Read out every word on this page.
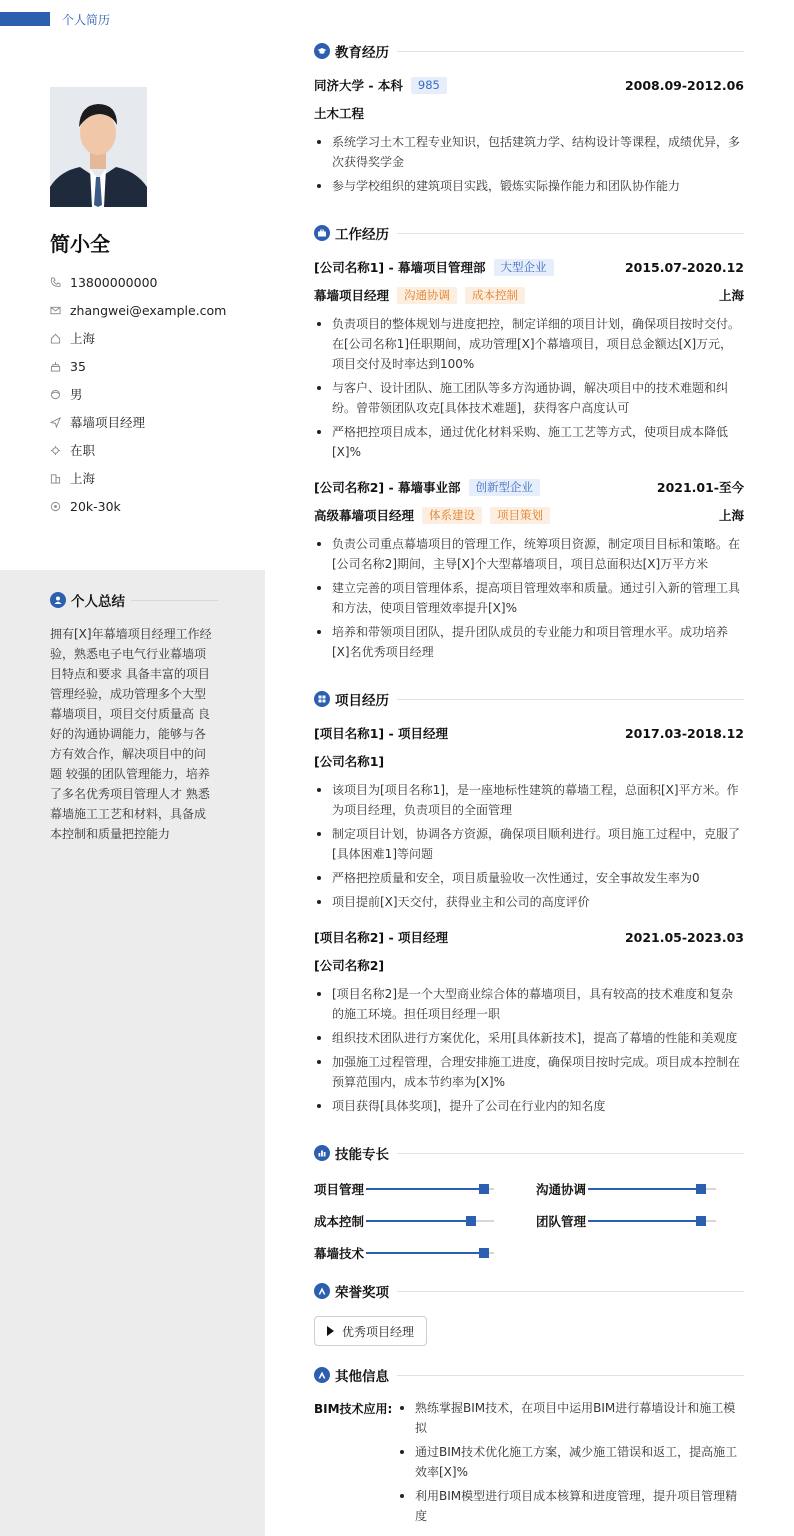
个人简历
简小全
13800000000
zhangwei@example.com
上海
35
男
幕墙项目经理
在职
上海
20k-30k
个人总结
拥有[X]年幕墙项目经理工作经验，熟悉电子电气行业幕墙项目特点和要求 具备丰富的项目管理经验，成功管理多个大型幕墙项目，项目交付质量高 良好的沟通协调能力，能够与各方有效合作，解决项目中的问题 较强的团队管理能力，培养了多名优秀项目管理人才 熟悉幕墙施工工艺和材料，具备成本控制和质量把控能力
教育经历
同济大学 - 本科	985	2008.09-2012.06
土木工程
系统学习土木工程专业知识，包括建筑力学、结构设计等课程，成绩优异，多次获得奖学金
参与学校组织的建筑项目实践，锻炼实际操作能力和团队协作能力
工作经历
[公司名称1] - 幕墙项目管理部	大型企业	2015.07-2020.12
幕墙项目经理	沟通协调	成本控制	上海
负责项目的整体规划与进度把控，制定详细的项目计划，确保项目按时交付。在[公司名称1]任职期间，成功管理[X]个幕墙项目，项目总金额达[X]万元，项目交付及时率达到100%
与客户、设计团队、施工团队等多方沟通协调，解决项目中的技术难题和纠纷。曾带领团队攻克[具体技术难题]，获得客户高度认可
严格把控项目成本，通过优化材料采购、施工工艺等方式，使项目成本降低[X]%
[公司名称2] - 幕墙事业部	创新型企业	2021.01-至今
高级幕墙项目经理	体系建设	项目策划	上海
负责公司重点幕墙项目的管理工作，统筹项目资源，制定项目目标和策略。在[公司名称2]期间，主导[X]个大型幕墙项目，项目总面积达[X]万平方米
建立完善的项目管理体系，提高项目管理效率和质量。通过引入新的管理工具和方法，使项目管理效率提升[X]%
培养和带领项目团队，提升团队成员的专业能力和项目管理水平。成功培养[X]名优秀项目经理
项目经历
[项目名称1] - 项目经理	2017.03-2018.12
[公司名称1]
该项目为[项目名称1]，是一座地标性建筑的幕墙工程，总面积[X]平方米。作为项目经理，负责项目的全面管理
制定项目计划，协调各方资源，确保项目顺利进行。项目施工过程中，克服了[具体困难1]等问题
严格把控质量和安全，项目质量验收一次性通过，安全事故发生率为0
项目提前[X]天交付，获得业主和公司的高度评价
[项目名称2] - 项目经理	2021.05-2023.03
[公司名称2]
[项目名称2]是一个大型商业综合体的幕墙项目，具有较高的技术难度和复杂的施工环境。担任项目经理一职
组织技术团队进行方案优化，采用[具体新技术]，提高了幕墙的性能和美观度
加强施工过程管理，合理安排施工进度，确保项目按时完成。项目成本控制在预算范围内，成本节约率为[X]%
项目获得[具体奖项]，提升了公司在行业内的知名度
技能专长
项目管理	沟通协调
成本控制	团队管理
幕墙技术
荣誉奖项
优秀项目经理
其他信息
BIM技术应用:	熟练掌握BIM技术，在项目中运用BIM进行幕墙设计和施工模拟
通过BIM技术优化施工方案，减少施工错误和返工，提高施工效率[X]%
利用BIM模型进行项目成本核算和进度管理，提升项目管理精度
